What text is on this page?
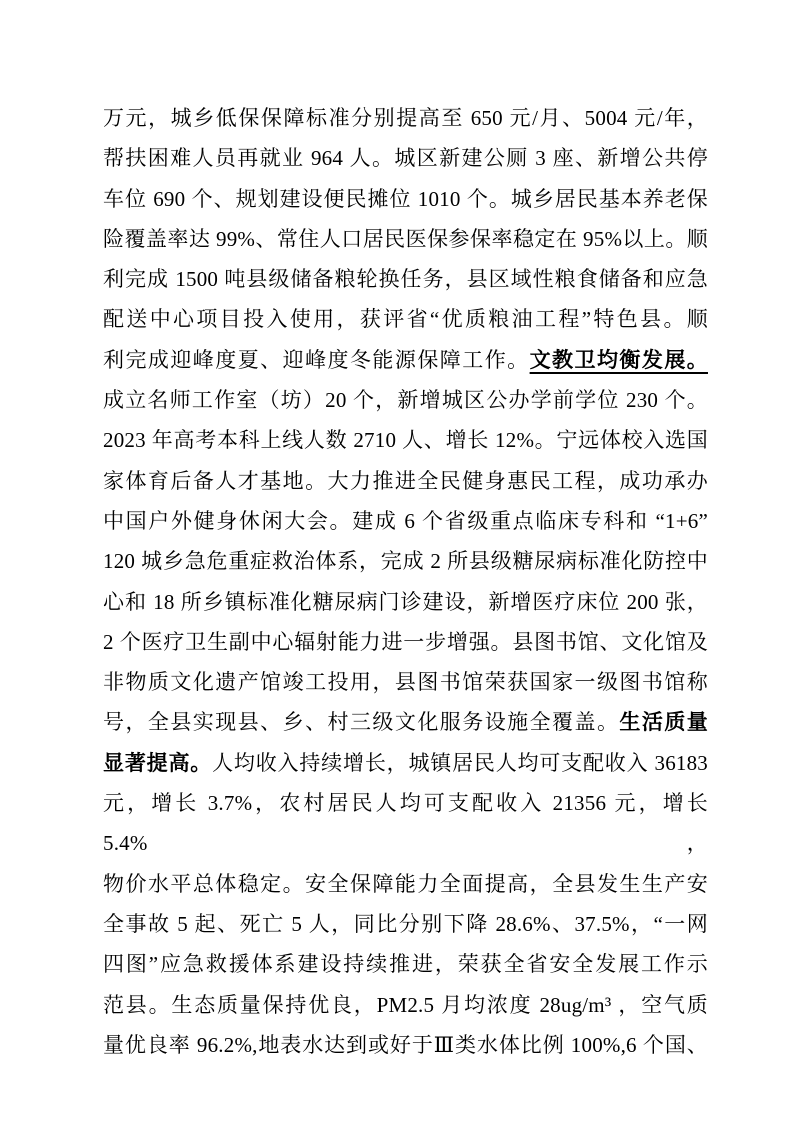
万元，城乡低保保障标准分别提高至 650 元/月、5004 元/年，
帮扶困难人员再就业 964 人。城区新建公厕 3 座、新增公共停
车位 690 个、规划建设便民摊位 1010 个。城乡居民基本养老保
险覆盖率达 99%、常住人口居民医保参保率稳定在 95%以上。顺
利完成 1500 吨县级储备粮轮换任务，县区域性粮食储备和应急
配送中心项目投入使用，获评省“优质粮油工程”特色县。顺
利完成迎峰度夏、迎峰度冬能源保障工作。文教卫均衡发展。
成立名师工作室（坊）20 个，新增城区公办学前学位 230 个。
2023 年高考本科上线人数 2710 人、增长 12%。宁远体校入选国
家体育后备人才基地。大力推进全民健身惠民工程，成功承办
中国户外健身休闲大会。建成 6 个省级重点临床专科和 “1+6”
120 城乡急危重症救治体系，完成 2 所县级糖尿病标准化防控中
心和 18 所乡镇标准化糖尿病门诊建设，新增医疗床位 200 张，
2 个医疗卫生副中心辐射能力进一步增强。县图书馆、文化馆及
非物质文化遗产馆竣工投用，县图书馆荣获国家一级图书馆称
号，全县实现县、乡、村三级文化服务设施全覆盖。生活质量
显著提高。人均收入持续增长，城镇居民人均可支配收入 36183
元，增长 3.7%，农村居民人均可支配收入 21356 元，增长 5.4%，
物价水平总体稳定。安全保障能力全面提高，全县发生生产安
全事故 5 起、死亡 5 人，同比分别下降 28.6%、37.5%，“一网
四图”应急救援体系建设持续推进，荣获全省安全发展工作示
范县。生态质量保持优良，PM2.5 月均浓度 28ug/m³ ，空气质
量优良率 96.2%,地表水达到或好于Ⅲ类水体比例 100%,6 个国、
